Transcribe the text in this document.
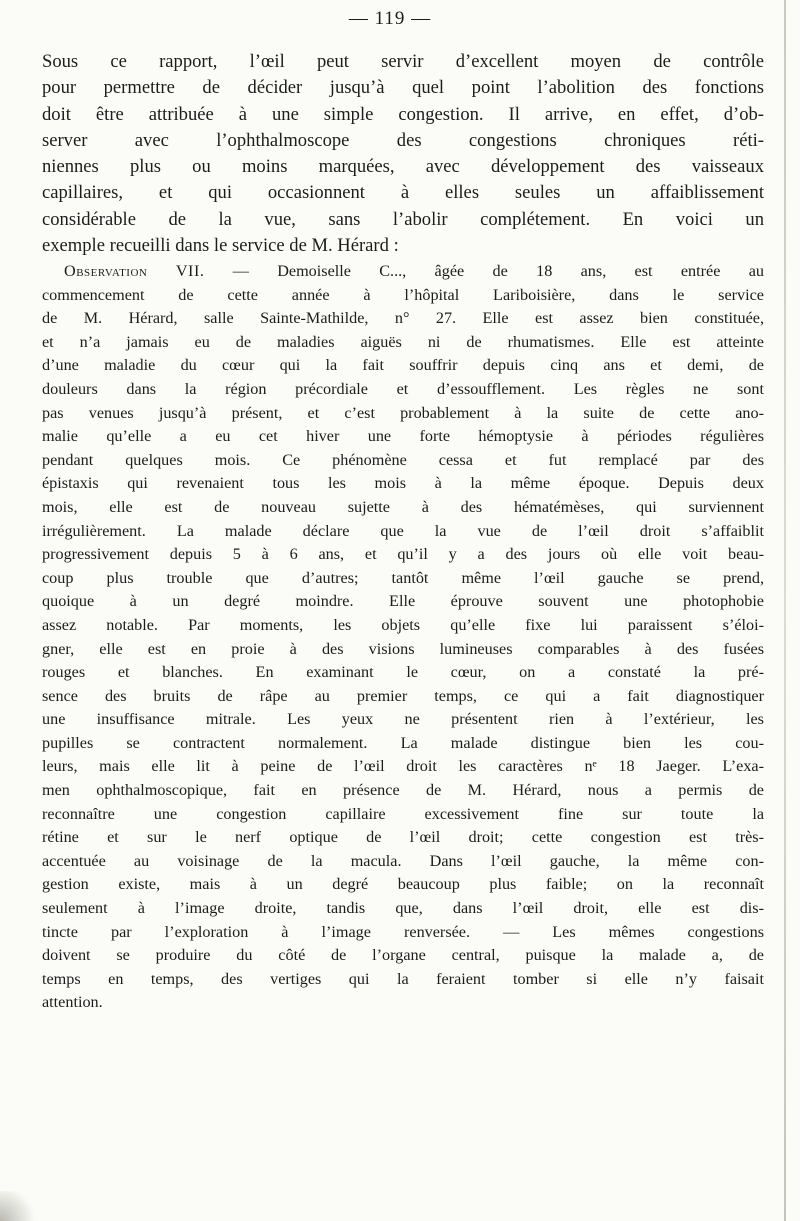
— 119 —

Sous ce rapport, l’œil peut servir d’excellent moyen de contrôle
pour permettre de décider jusqu’à quel point l’abolition des fonctions
doit être attribuée à une simple congestion. Il arrive, en effet, d’ob-
server avec l’ophthalmoscope des congestions chroniques réti-
niennes plus ou moins marquées, avec développement des vaisseaux
capillaires, et qui occasionnent à elles seules un affaiblissement
considérable de la vue, sans l’abolir complétement. En voici un
exemple recueilli dans le service de M. Hérard :

Observation VII. — Demoiselle C..., âgée de 18 ans, est entrée au
commencement de cette année à l’hôpital Lariboisière, dans le service
de M. Hérard, salle Sainte-Mathilde, n° 27. Elle est assez bien constituée,
et n’a jamais eu de maladies aiguës ni de rhumatismes. Elle est atteinte
d’une maladie du cœur qui la fait souffrir depuis cinq ans et demi, de
douleurs dans la région précordiale et d’essoufflement. Les règles ne sont
pas venues jusqu’à présent, et c’est probablement à la suite de cette ano-
malie qu’elle a eu cet hiver une forte hémoptysie à périodes régulières
pendant quelques mois. Ce phénomène cessa et fut remplacé par des
épistaxis qui revenaient tous les mois à la même époque. Depuis deux
mois, elle est de nouveau sujette à des hématémèses, qui surviennent
irrégulièrement. La malade déclare que la vue de l’œil droit s’affaiblit
progressivement depuis 5 à 6 ans, et qu’il y a des jours où elle voit beau-
coup plus trouble que d’autres; tantôt même l’œil gauche se prend,
quoique à un degré moindre. Elle éprouve souvent une photophobie
assez notable. Par moments, les objets qu’elle fixe lui paraissent s’éloi-
gner, elle est en proie à des visions lumineuses comparables à des fusées
rouges et blanches. En examinant le cœur, on a constaté la pré-
sence des bruits de râpe au premier temps, ce qui a fait diagnostiquer
une insuffisance mitrale. Les yeux ne présentent rien à l’extérieur, les
pupilles se contractent normalement. La malade distingue bien les cou-
leurs, mais elle lit à peine de l’œil droit les caractères nᵉ 18 Jaeger. L’exa-
men ophthalmoscopique, fait en présence de M. Hérard, nous a permis de
reconnaître une congestion capillaire excessivement fine sur toute la
rétine et sur le nerf optique de l’œil droit; cette congestion est très-
accentuée au voisinage de la macula. Dans l’œil gauche, la même con-
gestion existe, mais à un degré beaucoup plus faible; on la reconnaît
seulement à l’image droite, tandis que, dans l’œil droit, elle est dis-
tincte par l’exploration à l’image renversée. — Les mêmes congestions
doivent se produire du côté de l’organe central, puisque la malade a, de
temps en temps, des vertiges qui la feraient tomber si elle n’y faisait
attention.
